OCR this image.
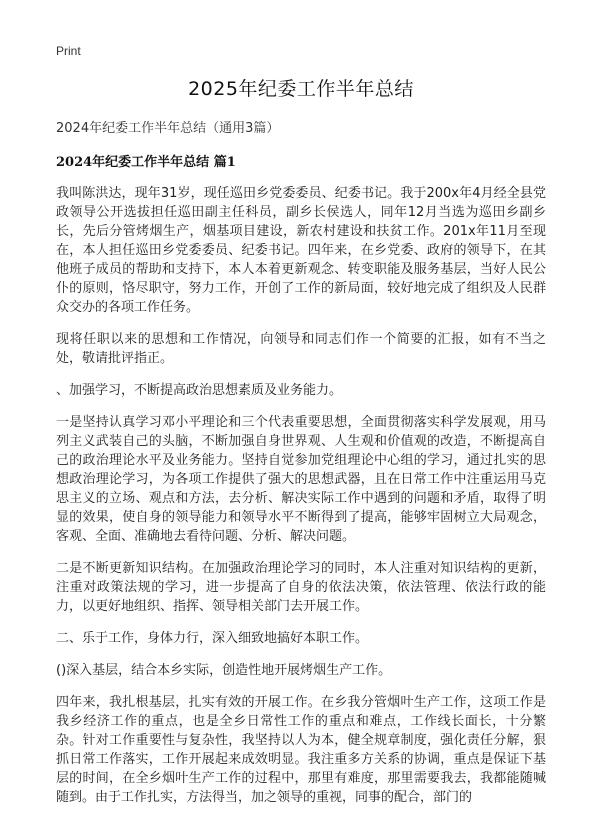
Print
2025年纪委工作半年总结
2024年纪委工作半年总结（通用3篇）
2024年纪委工作半年总结 篇1

我叫陈洪达，现年31岁，现任巡田乡党委委员、纪委书记。我于200x年4月经全县党政领导公开选拔担任巡田副主任科员，副乡长侯选人，同年12月当选为巡田乡副乡长，先后分管烤烟生产，烟基项目建设，新农村建设和扶贫工作。201x年11月至现在，本人担任巡田乡党委委员、纪委书记。四年来，在乡党委、政府的领导下，在其他班子成员的帮助和支持下，本人本着更新观念、转变职能及服务基层，当好人民公仆的原则，恪尽职守，努力工作，开创了工作的新局面，较好地完成了组织及人民群众交办的各项工作任务。

现将任职以来的思想和工作情况，向领导和同志们作一个简要的汇报，如有不当之处，敬请批评指正。

、加强学习，不断提高政治思想素质及业务能力。

一是坚持认真学习邓小平理论和三个代表重要思想，全面贯彻落实科学发展观，用马列主义武装自己的头脑，不断加强自身世界观、人生观和价值观的改造，不断提高自己的政治理论水平及业务能力。坚持自觉参加党组理论中心组的学习，通过扎实的思想政治理论学习，为各项工作提供了强大的思想武器，且在日常工作中注重运用马克思主义的立场、观点和方法，去分析、解决实际工作中遇到的问题和矛盾，取得了明显的效果，使自身的领导能力和领导水平不断得到了提高，能够牢固树立大局观念，客观、全面、准确地去看待问题、分析、解决问题。

二是不断更新知识结构。在加强政治理论学习的同时，本人注重对知识结构的更新，注重对政策法规的学习，进一步提高了自身的依法决策，依法管理、依法行政的能力，以更好地组织、指挥、领导相关部门去开展工作。

二、乐于工作，身体力行，深入细致地搞好本职工作。

()深入基层，结合本乡实际，创造性地开展烤烟生产工作。

四年来，我扎根基层，扎实有效的开展工作。在乡我分管烟叶生产工作，这项工作是我乡经济工作的重点，也是全乡日常性工作的重点和难点，工作线长面长，十分繁杂。针对工作重要性与复杂性，我坚持以人为本，健全规章制度，强化责任分解，狠抓日常工作落实，工作开展起来成效明显。我注重多方关系的协调，重点是保证下基层的时间，在全乡烟叶生产工作的过程中，那里有难度，那里需要我去，我都能随喊随到。由于工作扎实，方法得当，加之领导的重视，同事的配合，部门的
